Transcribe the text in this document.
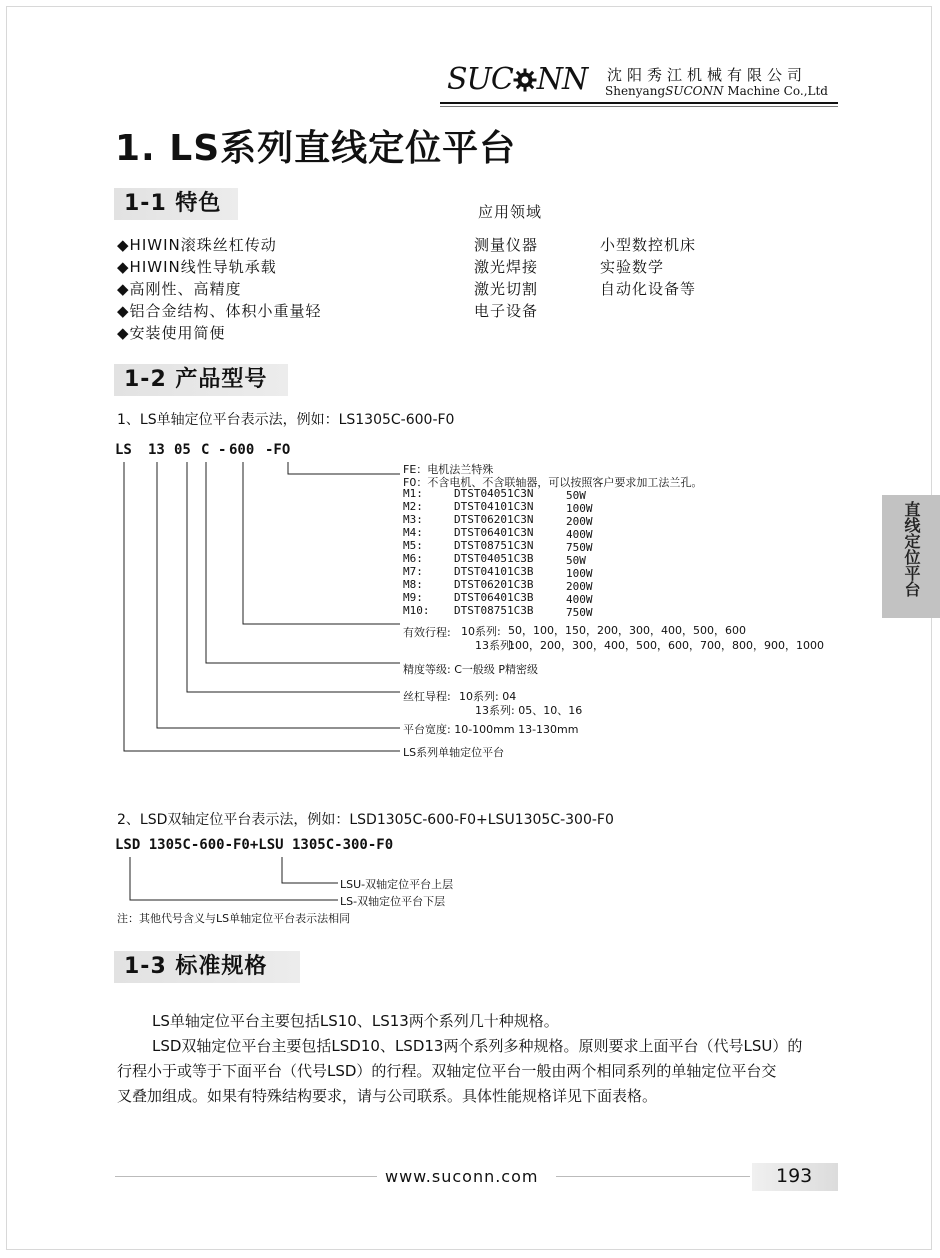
SUC NN 沈阳秀江机械有限公司
ShenyangSUCONN Machine Co.,Ltd
1. LS系列直线定位平台
1-1 特色	应用领域
◆HIWIN滚珠丝杠传动
◆HIWIN线性导轨承载
◆高刚性、高精度
◆铝合金结构、体积小重量轻
◆安装使用简便
测量仪器
激光焊接
激光切割
电子设备
小型数控机床
实验数学
自动化设备等
1-2 产品型号
1、LS单轴定位平台表示法，例如：LS1305C-600-F0
LS 13 05 C - 600 -FO
FE：电机法兰特殊
F0：不含电机、不含联轴器，可以按照客户要求加工法兰孔。
M1:	DTST04051C3N	50W
M2:	DTST04101C3N	100W
M3:	DTST06201C3N	200W
M4:	DTST06401C3N	400W
M5:	DTST08751C3N	750W
M6:	DTST04051C3B	50W
M7:	DTST04101C3B	100W
M8:	DTST06201C3B	200W
M9:	DTST06401C3B	400W
M10: DTST08751C3B	750W
有效行程: 10系列: 50，100，150，200，300，400，500，600
13系列:
100，200，300，400，500，600，700，800，900，1000
精度等级: C一般级 P精密级
丝杠导程: 10系列: 04
13系列: 05、10、16
平台宽度: 10-100mm 13-130mm
LS系列单轴定位平台
2、LSD双轴定位平台表示法，例如：LSD1305C-600-F0+LSU1305C-300-F0
LSD 1305C-600-F0+LSU 1305C-300-F0
LSU-双轴定位平台上层
LS-双轴定位平台下层
注：其他代号含义与LS单轴定位平台表示法相同
1-3 标准规格
LS单轴定位平台主要包括LS10、LS13两个系列几十种规格。
LSD双轴定位平台主要包括LSD10、LSD13两个系列多种规格。原则要求上面平台（代号LSU）的
行程小于或等于下面平台（代号LSD）的行程。双轴定位平台一般由两个相同系列的单轴定位平台交
叉叠加组成。如果有特殊结构要求，请与公司联系。具体性能规格详见下面表格。
直线定位平台
www.suconn.com	193
